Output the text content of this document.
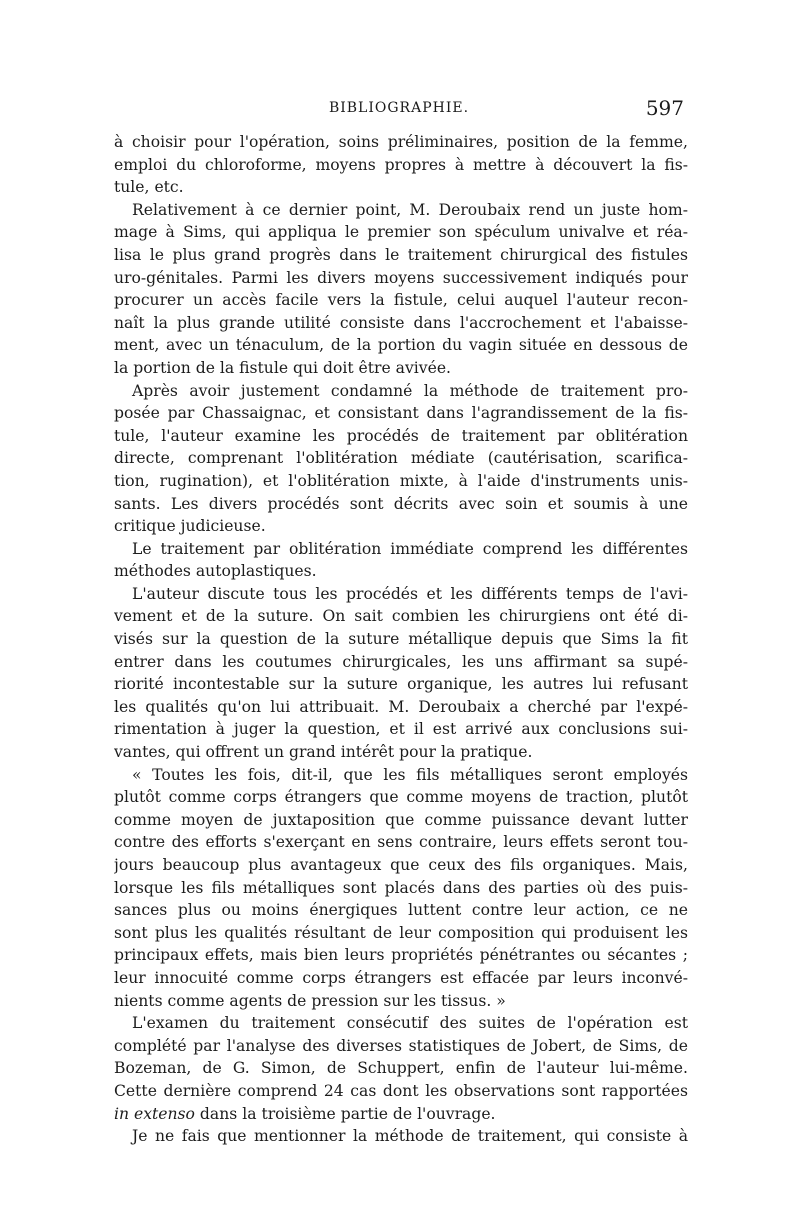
BIBLIOGRAPHIE.	597
à choisir pour l'opération, soins préliminaires, position de la femme,
emploi du chloroforme, moyens propres à mettre à découvert la fis-
tule, etc.
Relativement à ce dernier point, M. Deroubaix rend un juste hom-
mage à Sims, qui appliqua le premier son spéculum univalve et réa-
lisa le plus grand progrès dans le traitement chirurgical des fistules
uro-génitales. Parmi les divers moyens successivement indiqués pour
procurer un accès facile vers la fistule, celui auquel l'auteur recon-
naît la plus grande utilité consiste dans l'accrochement et l'abaisse-
ment, avec un ténaculum, de la portion du vagin située en dessous de
la portion de la fistule qui doit être avivée.
Après avoir justement condamné la méthode de traitement pro-
posée par Chassaignac, et consistant dans l'agrandissement de la fis-
tule, l'auteur examine les procédés de traitement par oblitération
directe, comprenant l'oblitération médiate (cautérisation, scarifica-
tion, rugination), et l'oblitération mixte, à l'aide d'instruments unis-
sants. Les divers procédés sont décrits avec soin et soumis à une
critique judicieuse.
Le traitement par oblitération immédiate comprend les différentes
méthodes autoplastiques.
L'auteur discute tous les procédés et les différents temps de l'avi-
vement et de la suture. On sait combien les chirurgiens ont été di-
visés sur la question de la suture métallique depuis que Sims la fit
entrer dans les coutumes chirurgicales, les uns affirmant sa supé-
riorité incontestable sur la suture organique, les autres lui refusant
les qualités qu'on lui attribuait. M. Deroubaix a cherché par l'expé-
rimentation à juger la question, et il est arrivé aux conclusions sui-
vantes, qui offrent un grand intérêt pour la pratique.
« Toutes les fois, dit-il, que les fils métalliques seront employés
plutôt comme corps étrangers que comme moyens de traction, plutôt
comme moyen de juxtaposition que comme puissance devant lutter
contre des efforts s'exerçant en sens contraire, leurs effets seront tou-
jours beaucoup plus avantageux que ceux des fils organiques. Mais,
lorsque les fils métalliques sont placés dans des parties où des puis-
sances plus ou moins énergiques luttent contre leur action, ce ne
sont plus les qualités résultant de leur composition qui produisent les
principaux effets, mais bien leurs propriétés pénétrantes ou sécantes ;
leur innocuité comme corps étrangers est effacée par leurs inconvé-
nients comme agents de pression sur les tissus. »
L'examen du traitement consécutif des suites de l'opération est
complété par l'analyse des diverses statistiques de Jobert, de Sims, de
Bozeman, de G. Simon, de Schuppert, enfin de l'auteur lui-même.
Cette dernière comprend 24 cas dont les observations sont rapportées
in extenso dans la troisième partie de l'ouvrage.
Je ne fais que mentionner la méthode de traitement, qui consiste à
